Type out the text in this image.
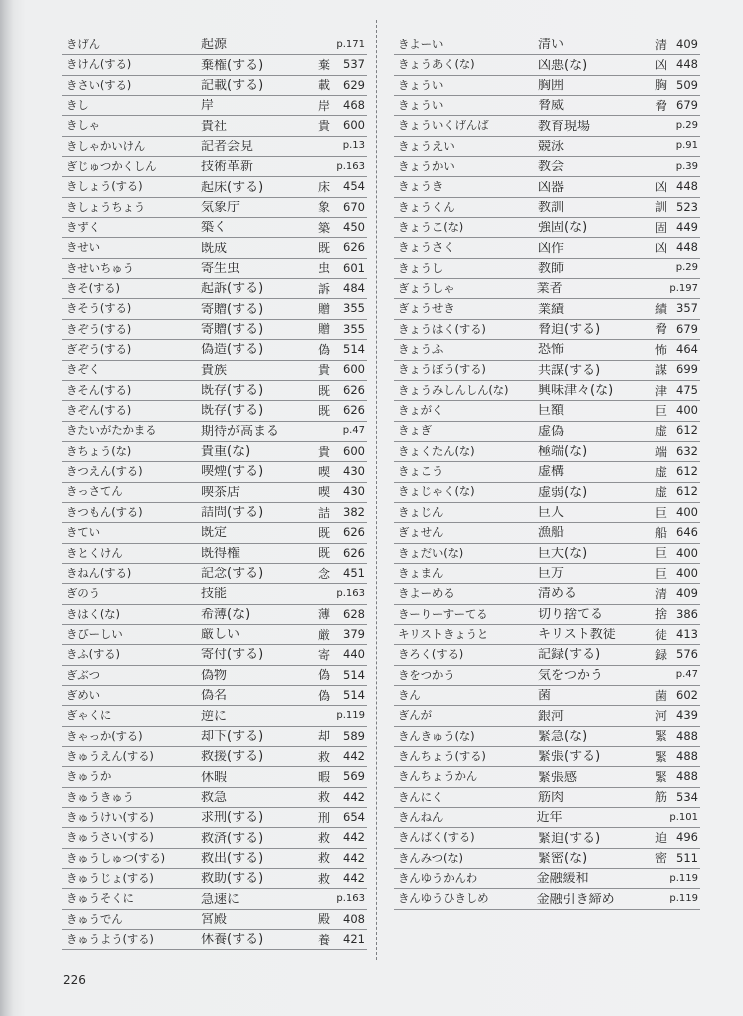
きげん	起源	p.171
きけん(する)	棄権(する)	棄	537
きさい(する)	記載(する)	載	629
きし	岸	岸	468
きしゃ	貴社	貴	600
きしゃかいけん	記者会見	p.13
ぎじゅつかくしん	技術革新	p.163
きしょう(する)	起床(する)	床	454
きしょうちょう	気象庁	象	670
きずく	築く	築	450
きせい	既成	既	626
きせいちゅう	寄生虫	虫	601
きそ(する)	起訴(する)	訴	484
きそう(する)	寄贈(する)	贈	355
きぞう(する)	寄贈(する)	贈	355
ぎぞう(する)	偽造(する)	偽	514
きぞく	貴族	貴	600
きそん(する)	既存(する)	既	626
きぞん(する)	既存(する)	既	626
きたいがたかまる	期待が高まる	p.47
きちょう(な)	貴重(な)	貴	600
きつえん(する)	喫煙(する)	喫	430
きっさてん	喫茶店	喫	430
きつもん(する)	詰問(する)	詰	382
きてい	既定	既	626
きとくけん	既得権	既	626
きねん(する)	記念(する)	念	451
ぎのう	技能	p.163
きはく(な)	希薄(な)	薄	628
きびーしい	厳しい	厳	379
きふ(する)	寄付(する)	寄	440
ぎぶつ	偽物	偽	514
ぎめい	偽名	偽	514
ぎゃくに	逆に	p.119
きゃっか(する)	却下(する)	却	589
きゅうえん(する)	救援(する)	救	442
きゅうか	休暇	暇	569
きゅうきゅう	救急	救	442
きゅうけい(する)	求刑(する)	刑	654
きゅうさい(する)	救済(する)	救	442
きゅうしゅつ(する)	救出(する)	救	442
きゅうじょ(する)	救助(する)	救	442
きゅうそくに	急速に	p.163
きゅうでん	宮殿	殿	408
きゅうよう(する)	休養(する)	養	421
きよーい	清い	清 409
きょうあく(な)	凶悪(な)	凶 448
きょうい	胸囲	胸 509
きょうい	脅威	脅 679
きょういくげんば	教育現場	p.29
きょうえい	競泳	p.91
きょうかい	教会	p.39
きょうき	凶器	凶 448
きょうくん	教訓	訓 523
きょうこ(な)	強固(な)	固 449
きょうさく	凶作	凶 448
きょうし	教師	p.29
ぎょうしゃ	業者	p.197
ぎょうせき	業績	績 357
きょうはく(する)	脅迫(する)	脅 679
きょうふ	恐怖	怖 464
きょうぼう(する)	共謀(する)	謀 699
きょうみしんしん(な)	興味津々(な)	津 475
きょがく	巨額	巨 400
きょぎ	虚偽	虚 612
きょくたん(な)	極端(な)	端 632
きょこう	虚構	虚 612
きょじゃく(な)	虚弱(な)	虚 612
きょじん	巨人	巨 400
ぎょせん	漁船	船 646
きょだい(な)	巨大(な)	巨 400
きょまん	巨万	巨 400
きよーめる	清める	清 409
きーりーすーてる	切り捨てる	捨 386
キリストきょうと	キリスト教徒	徒 413
きろく(する)	記録(する)	録 576
きをつかう	気をつかう	p.47
きん	菌	菌 602
ぎんが	銀河	河 439
きんきゅう(な)	緊急(な)	緊 488
きんちょう(する)	緊張(する)	緊 488
きんちょうかん	緊張感	緊 488
きんにく	筋肉	筋 534
きんねん	近年	p.101
きんぱく(する)	緊迫(する)	迫 496
きんみつ(な)	緊密(な)	密 511
きんゆうかんわ	金融緩和	p.119
きんゆうひきしめ	金融引き締め	p.119
226
